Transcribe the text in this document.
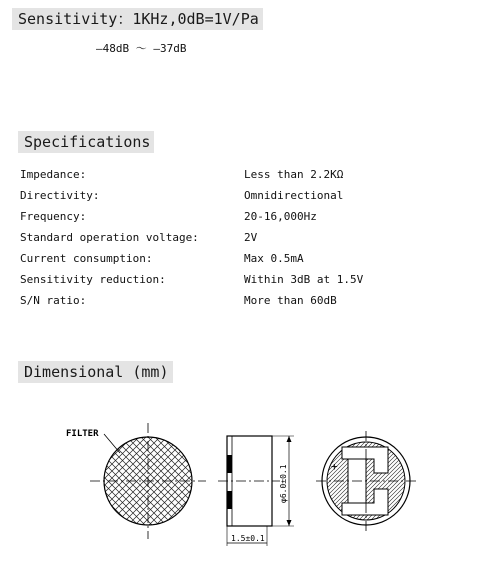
Sensitivity：1KHz,0dB=1V/Pa
—48dB ～ —37dB
Specifications
Impedance:	Less than 2.2KΩ
Directivity:	Omnidirectional
Frequency:	20-16,000Hz
Standard operation voltage:	2V
Current consumption:	Max 0.5mA
Sensitivity reduction:	Within 3dB at 1.5V
S/N ratio:	More than 60dB
Dimensional (mm)
FILTER
φ6.0±0.1
1.5±0.1
+
